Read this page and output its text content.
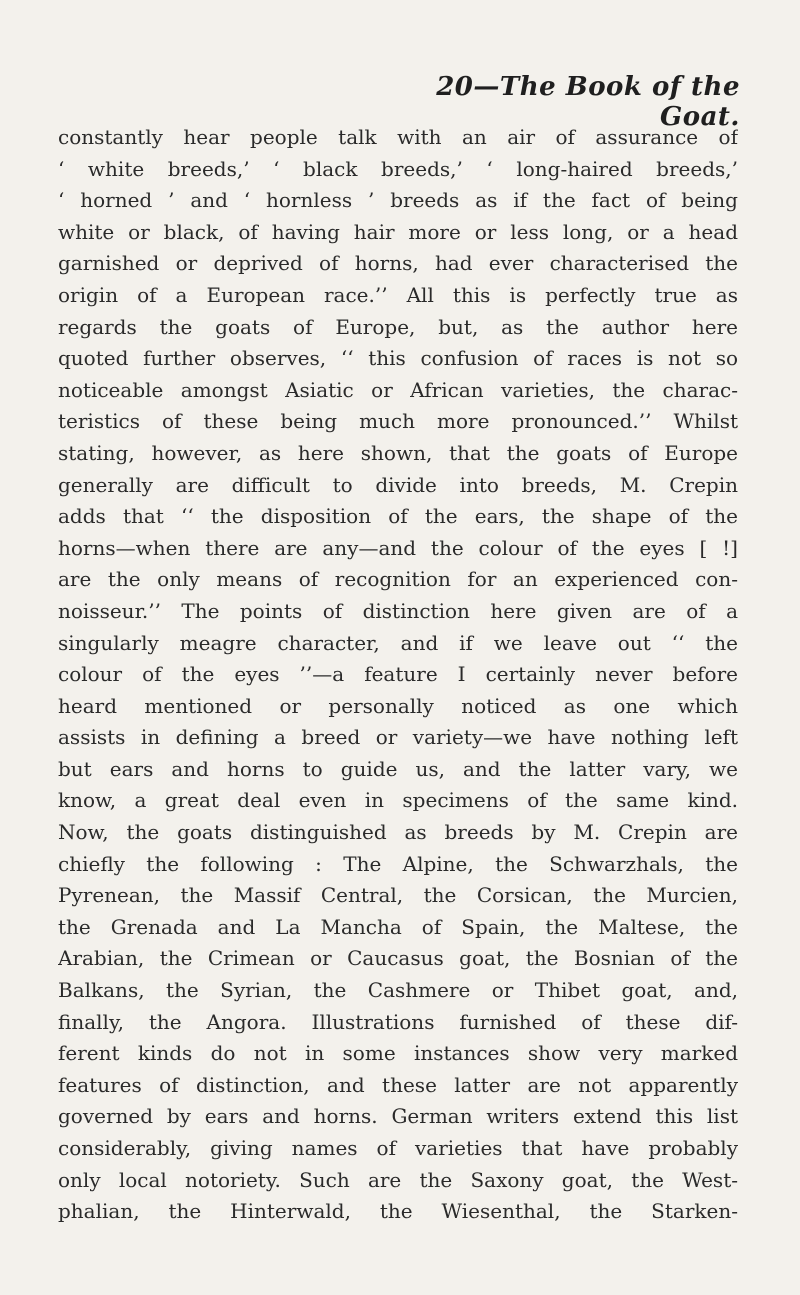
20—The Book of the Goat.
constantly hear people talk with an air of assurance of
‘ white breeds,’ ‘ black breeds,’ ‘ long-haired breeds,’
‘ horned ’ and ‘ hornless ’ breeds as if the fact of being
white or black, of having hair more or less long, or a head
garnished or deprived of horns, had ever characterised the
origin of a European race.’’ All this is perfectly true as
regards the goats of Europe, but, as the author here
quoted further observes, ‘‘ this confusion of races is not so
noticeable amongst Asiatic or African varieties, the charac-
teristics of these being much more pronounced.’’ Whilst
stating, however, as here shown, that the goats of Europe
generally are difficult to divide into breeds, M. Crepin
adds that ‘‘ the disposition of the ears, the shape of the
horns—when there are any—and the colour of the eyes [ !]
are the only means of recognition for an experienced con-
noisseur.’’ The points of distinction here given are of a
singularly meagre character, and if we leave out ‘‘ the
colour of the eyes ’’—a feature I certainly never before
heard mentioned or personally noticed as one which
assists in defining a breed or variety—we have nothing left
but ears and horns to guide us, and the latter vary, we
know, a great deal even in specimens of the same kind.
Now, the goats distinguished as breeds by M. Crepin are
chiefly the following : The Alpine, the Schwarzhals, the
Pyrenean, the Massif Central, the Corsican, the Murcien,
the Grenada and La Mancha of Spain, the Maltese, the
Arabian, the Crimean or Caucasus goat, the Bosnian of the
Balkans, the Syrian, the Cashmere or Thibet goat, and,
finally, the Angora. Illustrations furnished of these dif-
ferent kinds do not in some instances show very marked
features of distinction, and these latter are not apparently
governed by ears and horns. German writers extend this list
considerably, giving names of varieties that have probably
only local notoriety. Such are the Saxony goat, the West-
phalian, the Hinterwald, the Wiesenthal, the Starken-
